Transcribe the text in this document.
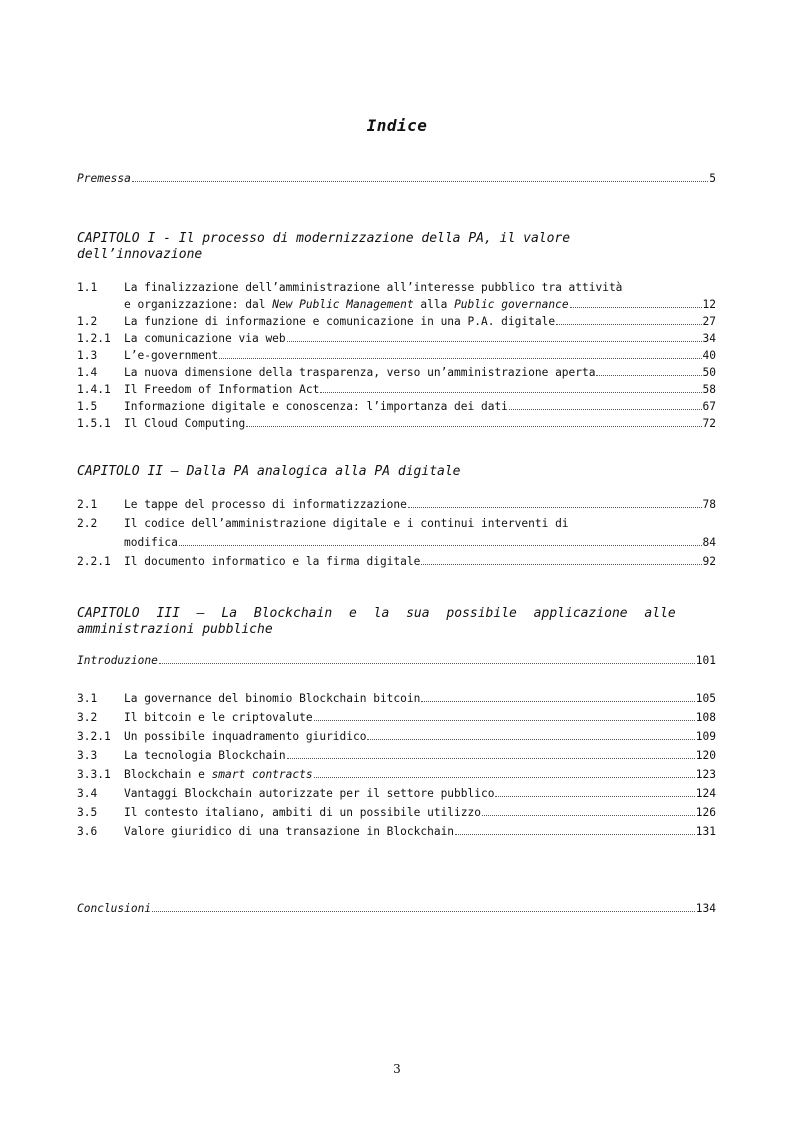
Indice
Premessa	5
CAPITOLO I - Il processo di modernizzazione della PA, il valore
dell’innovazione
1.1	La finalizzazione dell’amministrazione all’interesse pubblico tra attività
e organizzazione: dal New Public Management alla Public governance	12
1.2	La funzione di informazione e comunicazione in una P.A. digitale	27
1.2.1	La comunicazione via web	34
1.3	L’e-government	40
1.4	La nuova dimensione della trasparenza, verso un’amministrazione aperta	50
1.4.1	Il Freedom of Information Act	58
1.5	Informazione digitale e conoscenza: l’importanza dei dati	67
1.5.1	Il Cloud Computing	72
CAPITOLO II – Dalla PA analogica alla PA digitale
2.1	Le tappe del processo di informatizzazione	78
2.2	Il codice dell’amministrazione digitale e i continui interventi di
modifica	84
2.2.1	Il documento informatico e la firma digitale	92
CAPITOLO III – La Blockchain e la sua possibile applicazione alle
amministrazioni pubbliche
Introduzione	101
3.1	La governance del binomio Blockchain bitcoin	105
3.2	Il bitcoin e le criptovalute	108
3.2.1	Un possibile inquadramento giuridico	109
3.3	La tecnologia Blockchain	120
3.3.1	Blockchain e smart contracts	123
3.4	Vantaggi Blockchain autorizzate per il settore pubblico	124
3.5	Il contesto italiano, ambiti di un possibile utilizzo	126
3.6	Valore giuridico di una transazione in Blockchain	131
Conclusioni	134
3
